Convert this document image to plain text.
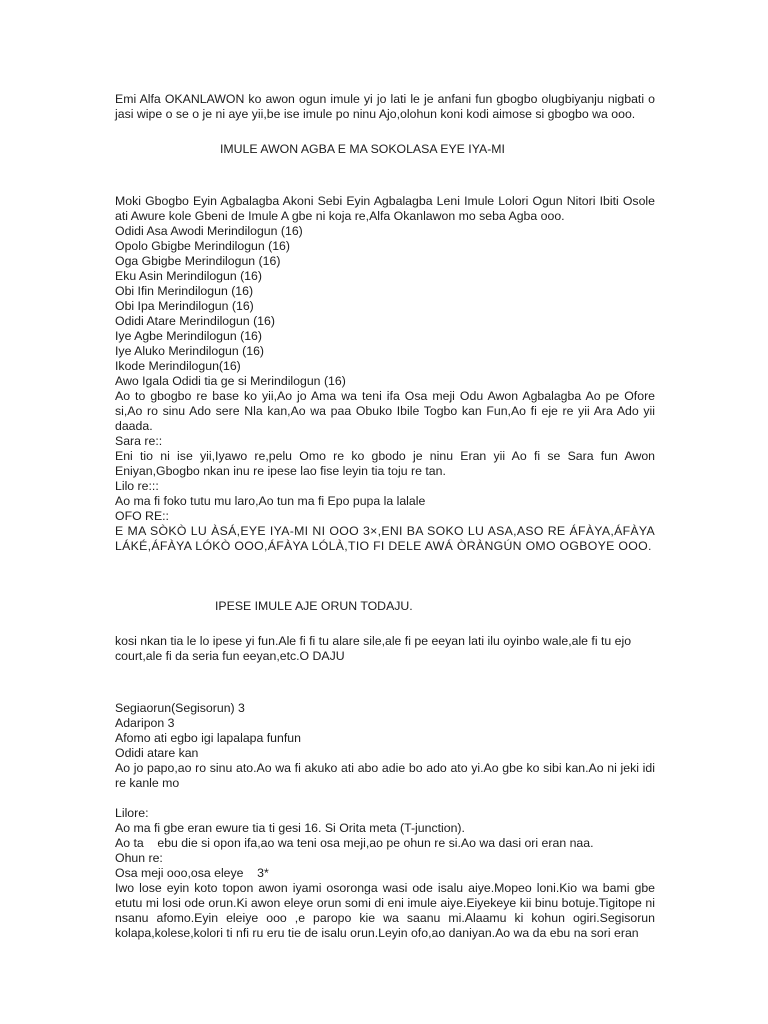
Emi Alfa OKANLAWON ko awon ogun imule yi jo lati le je anfani fun gbogbo olugbiyanju nigbati o jasi wipe o se o je ni aye yii,be ise imule po ninu Ajo,olohun koni kodi aimose si gbogbo wa ooo.

IMULE AWON AGBA E MA SOKOLASA EYE IYA-MI

Moki Gbogbo Eyin Agbalagba Akoni Sebi Eyin Agbalagba Leni Imule Lolori Ogun Nitori Ibiti Osole ati Awure kole Gbeni de Imule A gbe ni koja re,Alfa Okanlawon mo seba Agba ooo.

Odidi Asa Awodi Merindilogun (16)

Opolo Gbigbe Merindilogun (16)

Oga Gbigbe Merindilogun (16)

Eku Asin Merindilogun (16)

Obi Ifin Merindilogun (16)

Obi Ipa Merindilogun (16)

Odidi Atare Merindilogun (16)

Iye Agbe Merindilogun (16)

Iye Aluko Merindilogun (16)

Ikode Merindilogun(16)

Awo Igala Odidi tia ge si Merindilogun (16)

Ao to gbogbo re base ko yii,Ao jo Ama wa teni ifa Osa meji Odu Awon Agbalagba Ao pe Ofore si,Ao ro sinu Ado sere Nla kan,Ao wa paa Obuko Ibile Togbo kan Fun,Ao fi eje re yii Ara Ado yii daada.

Sara re::

Eni tio ni ise yii,Iyawo re,pelu Omo re ko gbodo je ninu Eran yii Ao fi se Sara fun Awon Eniyan,Gbogbo nkan inu re ipese lao fise leyin tia toju re tan.

Lilo re:::

Ao ma fi foko tutu mu laro,Ao tun ma fi Epo pupa la lalale

OFO RE::

E MA SÒKÒ LU ÀSÁ,EYE IYA-MI NI OOO 3×,ENI BA SOKO LU ASA,ASO RE ÁFÀYA,ÁFÀYA LÁKÉ,ÁFÀYA LÓKÒ OOO,ÁFÀYA LÓLÀ,TIO FI DELE AWÁ ÒRÀNGÚN OMO OGBOYE OOO.

IPESE IMULE AJE ORUN TODAJU.

kosi nkan tia le lo ipese yi fun.Ale fi fi tu alare sile,ale fi pe eeyan lati ilu oyinbo wale,ale fi tu ejo court,ale fi da seria fun eeyan,etc.O DAJU

Segiaorun(Segisorun) 3

Adaripon 3

Afomo ati egbo igi lapalapa funfun

Odidi atare kan

Ao jo papo,ao ro sinu ato.Ao wa fi akuko ati abo adie bo ado ato yi.Ao gbe ko sibi kan.Ao ni jeki idi re kanle mo

Lilore:

Ao ma fi gbe eran ewure tia ti gesi 16. Si Orita meta (T-junction).

Ao ta    ebu die si opon ifa,ao wa teni osa meji,ao pe ohun re si.Ao wa dasi ori eran naa.

Ohun re:

Osa meji ooo,osa eleye    3*

Iwo lose eyin koto topon awon iyami osoronga wasi ode isalu aiye.Mopeo loni.Kio wa bami gbe etutu mi losi ode orun.Ki awon eleye orun somi di eni imule aiye.Eiyekeye kii binu botuje.Tigitope ni nsanu afomo.Eyin eleiye ooo ,e paropo kie wa saanu mi.Alaamu ki kohun ogiri.Segisorun kolapa,kolese,kolori ti nfi ru eru tie de isalu orun.Leyin ofo,ao daniyan.Ao wa da ebu na sori eran
